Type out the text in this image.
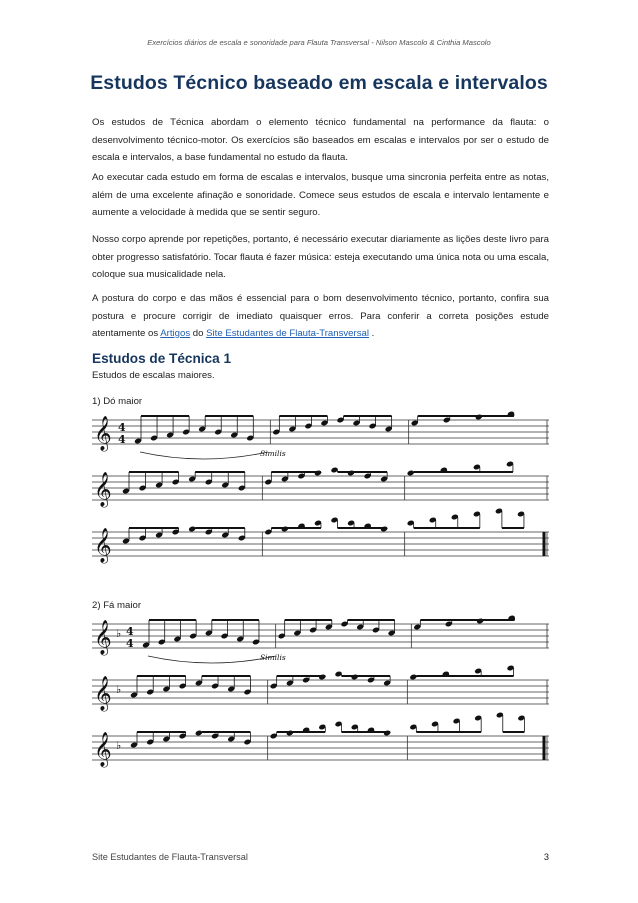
Exercícios diários de escala e sonoridade para Flauta Transversal - Nilson Mascolo & Cinthia Mascolo
Estudos Técnico baseado em escala e intervalos

Os estudos de Técnica abordam o elemento técnico fundamental na performance da flauta: o desenvolvimento técnico-motor. Os exercícios são baseados em escalas e intervalos por ser o estudo de escala e intervalos, a base fundamental no estudo da flauta.

Ao executar cada estudo em forma de escalas e intervalos, busque uma sincronia perfeita entre as notas, além de uma excelente afinação e sonoridade. Comece seus estudos de escala e intervalo lentamente e aumente a velocidade à medida que se sentir seguro.

Nosso corpo aprende por repetições, portanto, é necessário executar diariamente as lições deste livro para obter progresso satisfatório. Tocar flauta é fazer música: esteja executando uma única nota ou uma escala, coloque sua musicalidade nela.

A postura do corpo e das mãos é essencial para o bom desenvolvimento técnico, portanto, confira sua postura e procure corrigir de imediato quaisquer erros. Para conferir a correta posições estude atentamente os Artigos do Site Estudantes de Flauta-Transversal .

Estudos de Técnica 1
Estudos de escalas maiores.
1) Dó maior
𝄞 4
4
Similis
𝄞
𝄞
2) Fá maior
𝄞 ♭ 4
4
Similis
𝄞 ♭
𝄞 ♭
Site Estudantes de Flauta-Transversal	3
